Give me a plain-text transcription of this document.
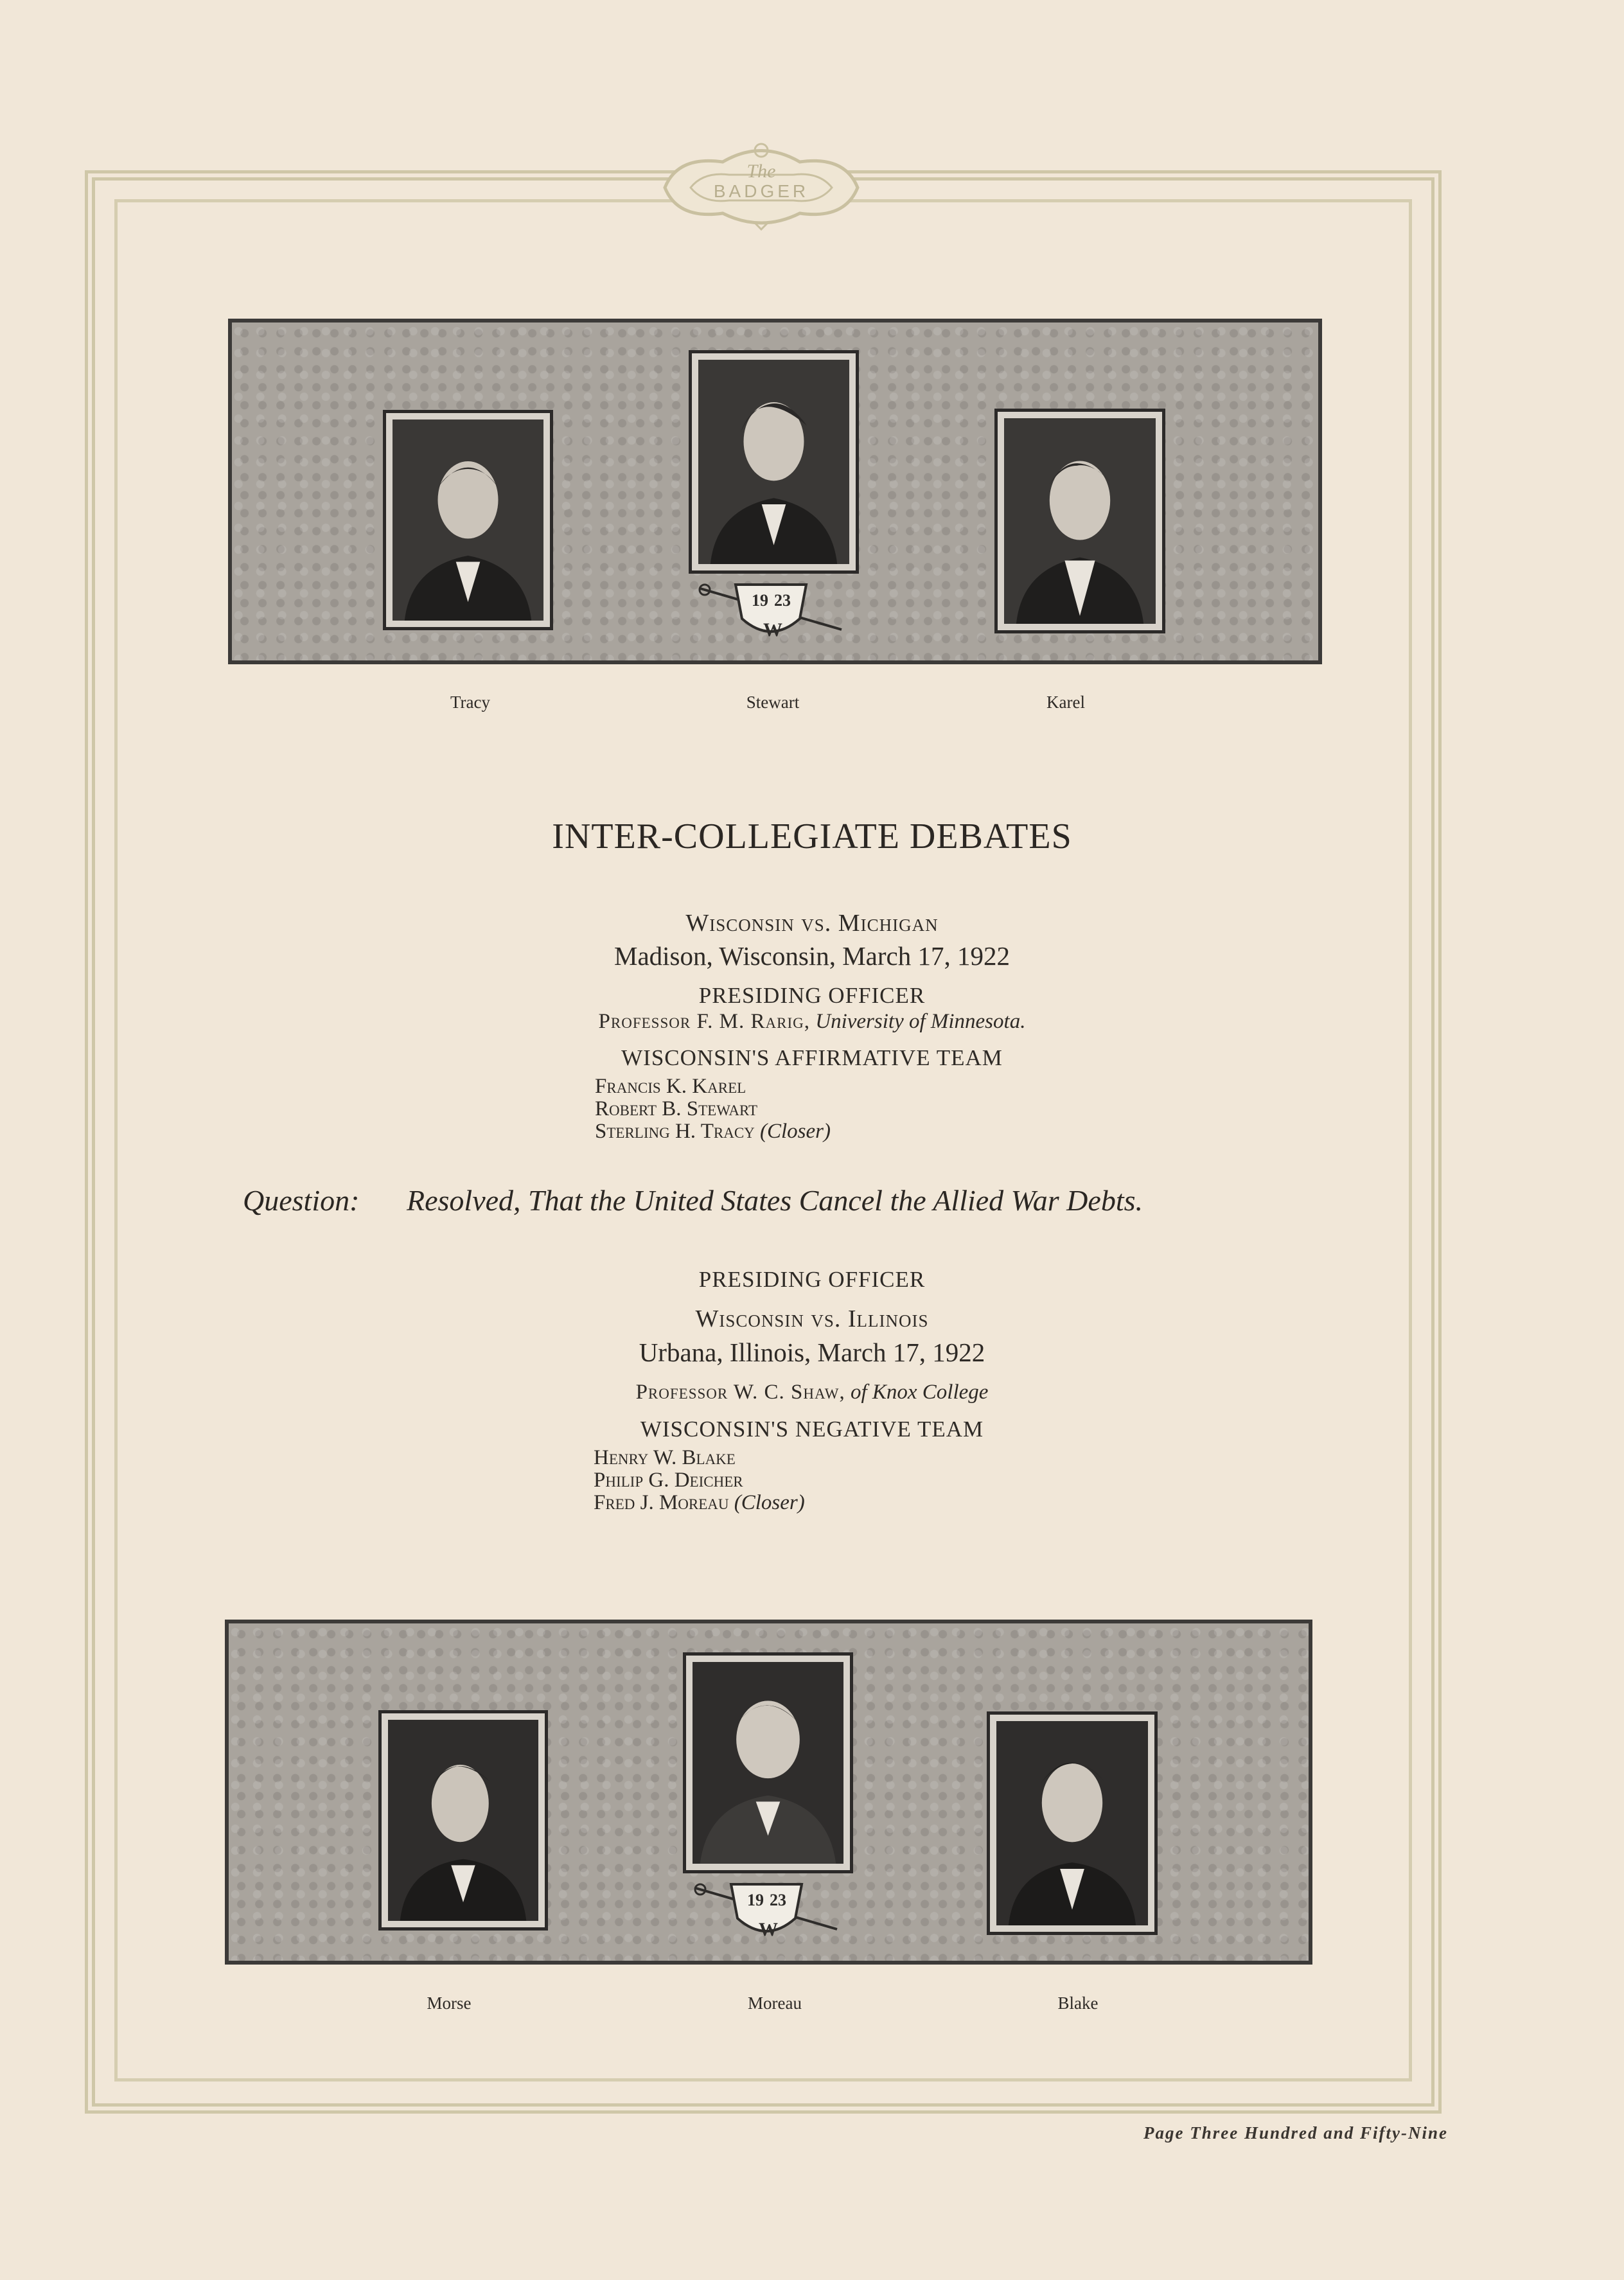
The
BADGER
19 23
W
Tracy	Stewart	Karel
INTER-COLLEGIATE DEBATES
Wisconsin vs. Michigan
Madison, Wisconsin, March 17, 1922
PRESIDING OFFICER
Professor F. M. Rarig, University of Minnesota.
WISCONSIN'S AFFIRMATIVE TEAM
Francis K. Karel
Robert B. Stewart
Sterling H. Tracy (Closer)
Question: Resolved, That the United States Cancel the Allied War Debts.
PRESIDING OFFICER
Wisconsin vs. Illinois
Urbana, Illinois, March 17, 1922
Professor W. C. Shaw, of Knox College
WISCONSIN'S NEGATIVE TEAM
Henry W. Blake
Philip G. Deicher
Fred J. Moreau (Closer)
19 23
W
Morse	Moreau	Blake
Page Three Hundred and Fifty-Nine
